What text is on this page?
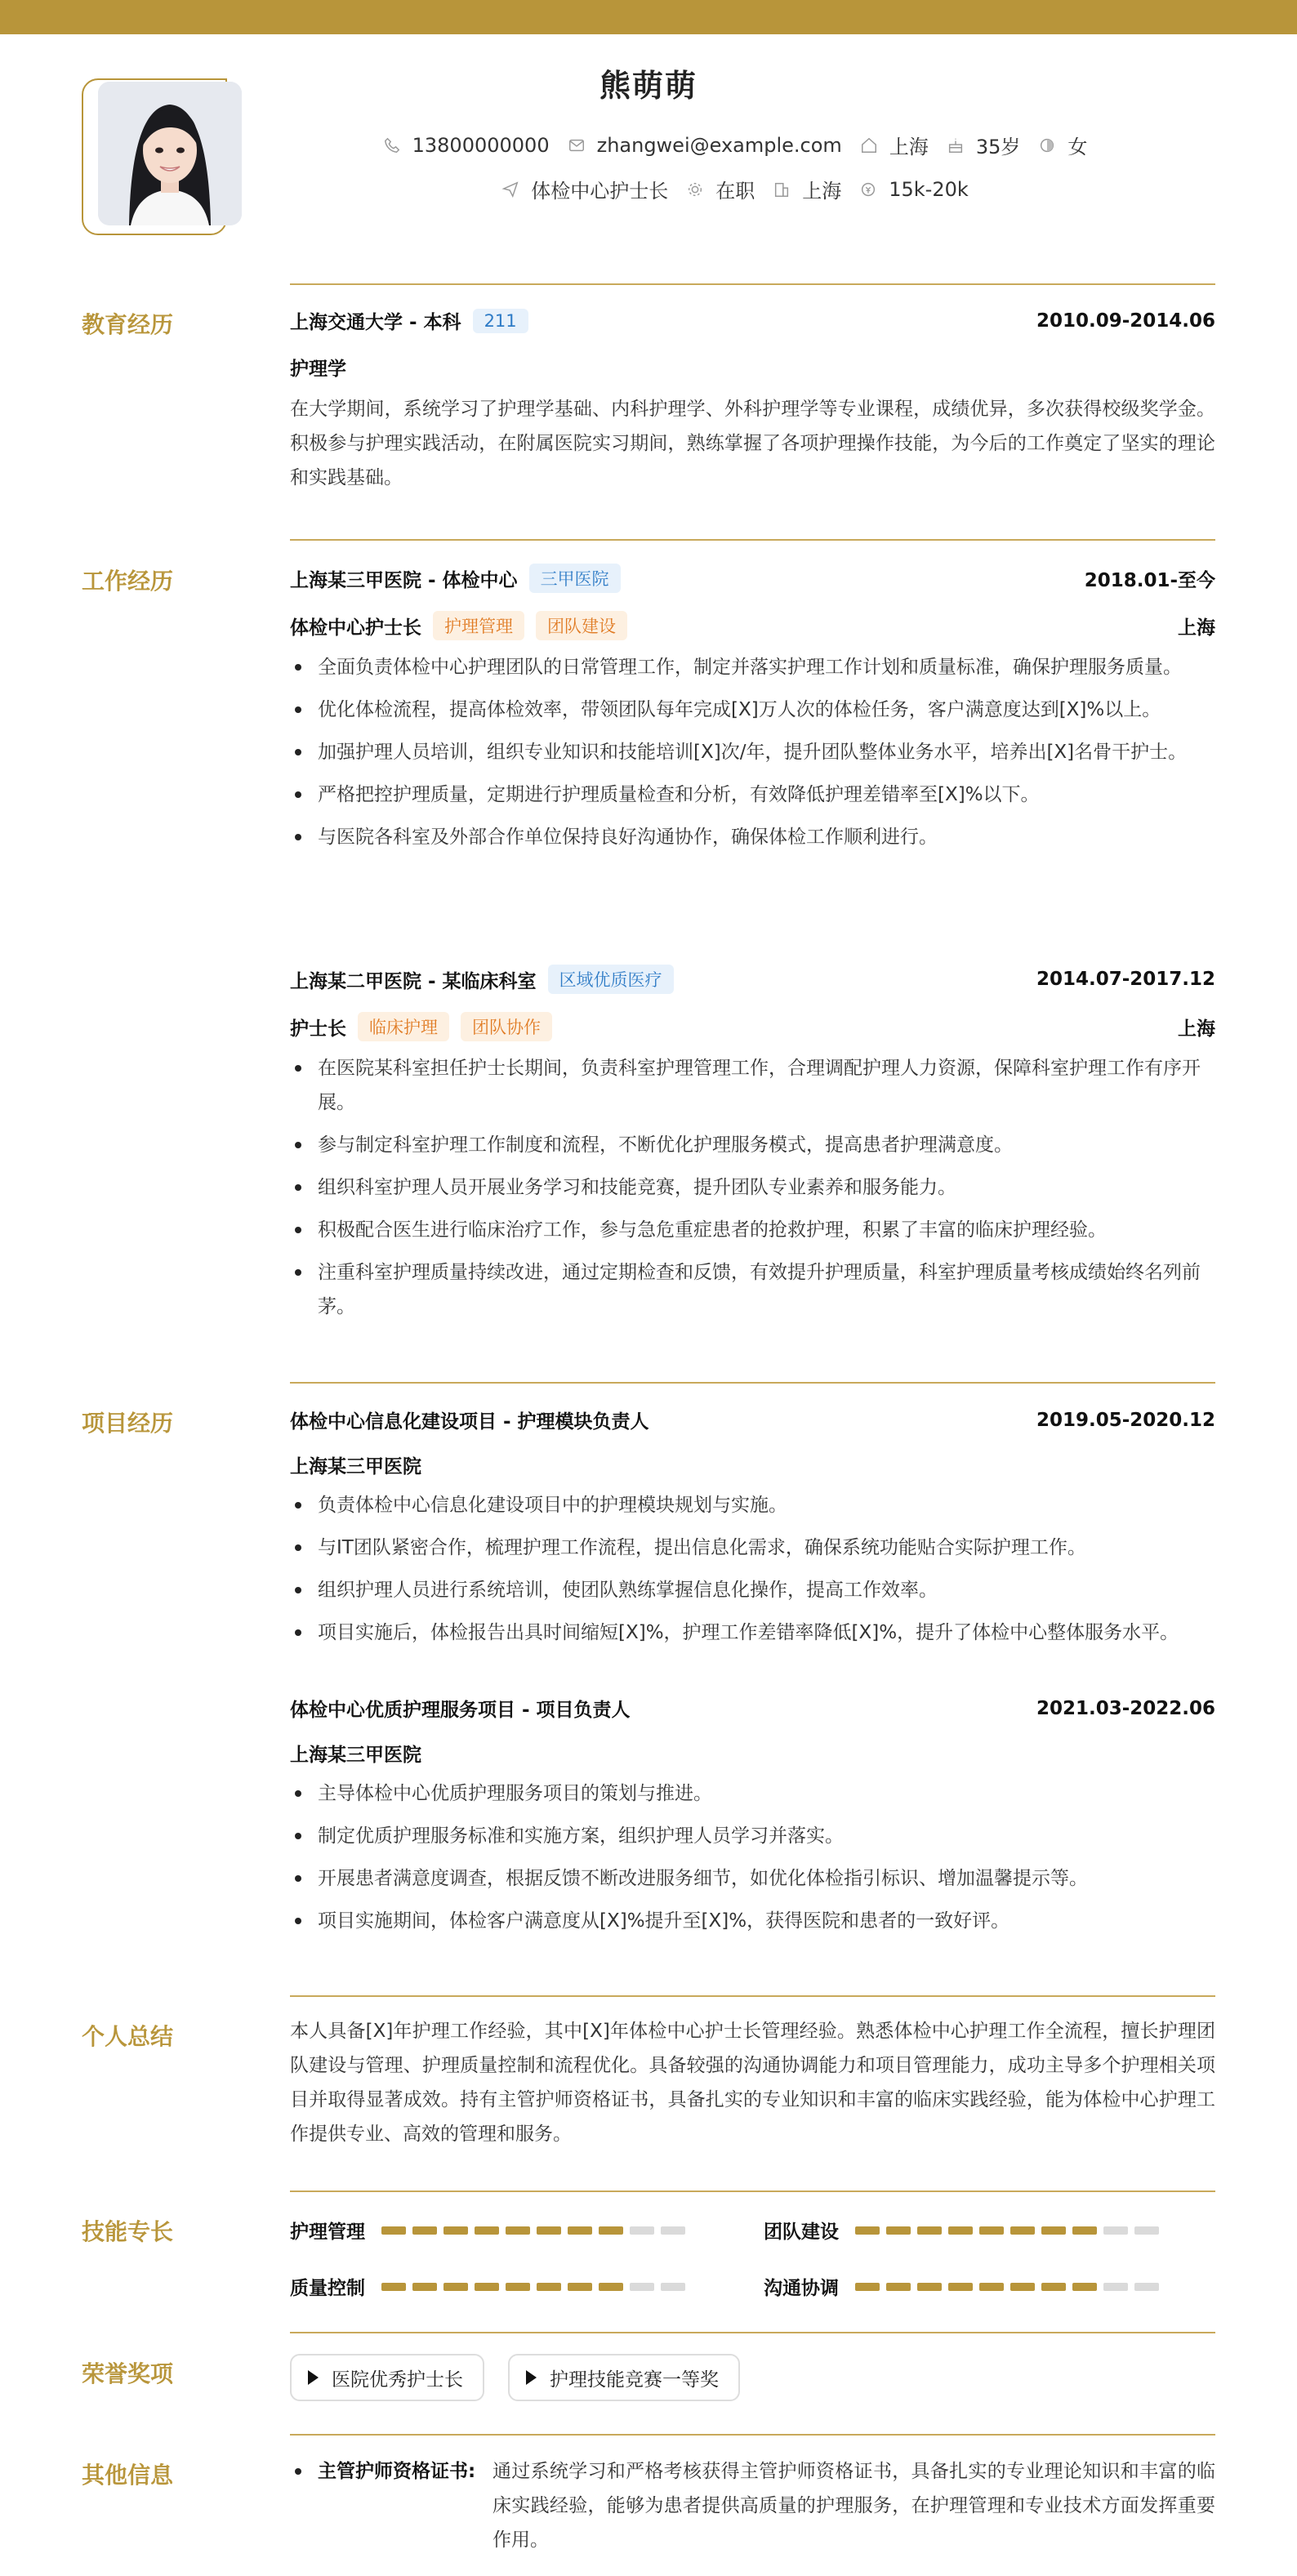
熊萌萌
13800000000 zhangwei@example.com 上海 35岁 女
体检中心护士长 在职 上海 15k-20k
教育经历	上海交通大学 - 本科	211	2010.09-2014.06
护理学
在大学期间，系统学习了护理学基础、内科护理学、外科护理学等专业课程，成绩优异，多次获得校级奖学金。积极参与护理实践活动，在附属医院实习期间，熟练掌握了各项护理操作技能，为今后的工作奠定了坚实的理论和实践基础。
工作经历	上海某三甲医院 - 体检中心	三甲医院	2018.01-至今
体检中心护士长	护理管理	团队建设	上海
全面负责体检中心护理团队的日常管理工作，制定并落实护理工作计划和质量标准，确保护理服务质量。
优化体检流程，提高体检效率，带领团队每年完成[X]万人次的体检任务，客户满意度达到[X]%以上。
加强护理人员培训，组织专业知识和技能培训[X]次/年，提升团队整体业务水平，培养出[X]名骨干护士。
严格把控护理质量，定期进行护理质量检查和分析，有效降低护理差错率至[X]%以下。
与医院各科室及外部合作单位保持良好沟通协作，确保体检工作顺利进行。
上海某二甲医院 - 某临床科室	区域优质医疗	2014.07-2017.12
护士长	临床护理	团队协作	上海
在医院某科室担任护士长期间，负责科室护理管理工作，合理调配护理人力资源，保障科室护理工作有序开展。
参与制定科室护理工作制度和流程，不断优化护理服务模式，提高患者护理满意度。
组织科室护理人员开展业务学习和技能竞赛，提升团队专业素养和服务能力。
积极配合医生进行临床治疗工作，参与急危重症患者的抢救护理，积累了丰富的临床护理经验。
注重科室护理质量持续改进，通过定期检查和反馈，有效提升护理质量，科室护理质量考核成绩始终名列前茅。
项目经历	体检中心信息化建设项目 - 护理模块负责人	2019.05-2020.12
上海某三甲医院
负责体检中心信息化建设项目中的护理模块规划与实施。
与IT团队紧密合作，梳理护理工作流程，提出信息化需求，确保系统功能贴合实际护理工作。
组织护理人员进行系统培训，使团队熟练掌握信息化操作，提高工作效率。
项目实施后，体检报告出具时间缩短[X]%，护理工作差错率降低[X]%，提升了体检中心整体服务水平。
体检中心优质护理服务项目 - 项目负责人	2021.03-2022.06
上海某三甲医院
主导体检中心优质护理服务项目的策划与推进。
制定优质护理服务标准和实施方案，组织护理人员学习并落实。
开展患者满意度调查，根据反馈不断改进服务细节，如优化体检指引标识、增加温馨提示等。
项目实施期间，体检客户满意度从[X]%提升至[X]%，获得医院和患者的一致好评。
个人总结	本人具备[X]年护理工作经验，其中[X]年体检中心护士长管理经验。熟悉体检中心护理工作全流程，擅长护理团队建设与管理、护理质量控制和流程优化。具备较强的沟通协调能力和项目管理能力，成功主导多个护理相关项目并取得显著成效。持有主管护师资格证书，具备扎实的专业知识和丰富的临床实践经验，能为体检中心护理工作提供专业、高效的管理和服务。
技能专长	护理管理	团队建设
质量控制	沟通协调
荣誉奖项	医院优秀护士长	护理技能竞赛一等奖
其他信息	主管护师资格证书: 通过系统学习和严格考核获得主管护师资格证书，具备扎实的专业理论知识和丰富的临床实践经验，能够为患者提供高质量的护理服务，在护理管理和专业技术方面发挥重要作用。
